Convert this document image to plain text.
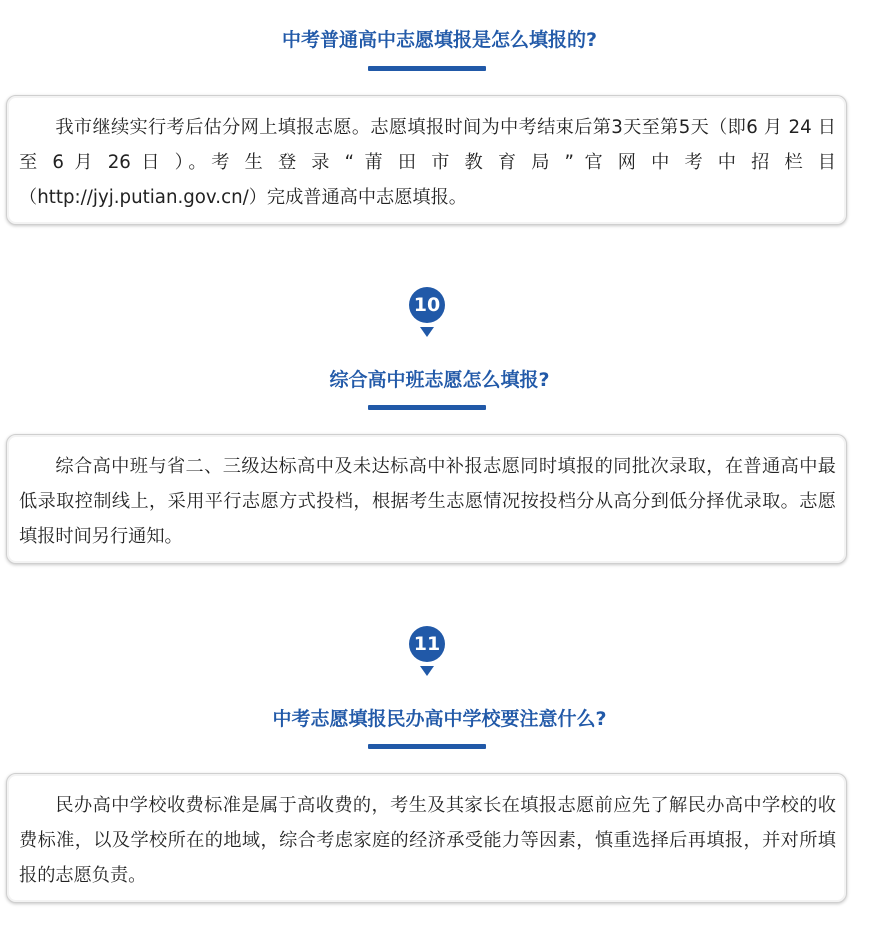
中考普通高中志愿填报是怎么填报的?

我市继续实行考后估分网上填报志愿。志愿填报时间为中考结束后第3天至第5天（即6 月 24 日 至 6 月 26 日 ）。考 生 登 录 “ 莆 田 市 教 育 局 ” 官 网 中 考 中 招 栏 目（http://jyj.putian.gov.cn/）完成普通高中志愿填报。

10
综合高中班志愿怎么填报?

综合高中班与省二、三级达标高中及未达标高中补报志愿同时填报的同批次录取，在普通高中最低录取控制线上，采用平行志愿方式投档，根据考生志愿情况按投档分从高分到低分择优录取。志愿填报时间另行通知。

11
中考志愿填报民办高中学校要注意什么?

民办高中学校收费标准是属于高收费的，考生及其家长在填报志愿前应先了解民办高中学校的收费标准，以及学校所在的地域，综合考虑家庭的经济承受能力等因素，慎重选择后再填报，并对所填报的志愿负责。
